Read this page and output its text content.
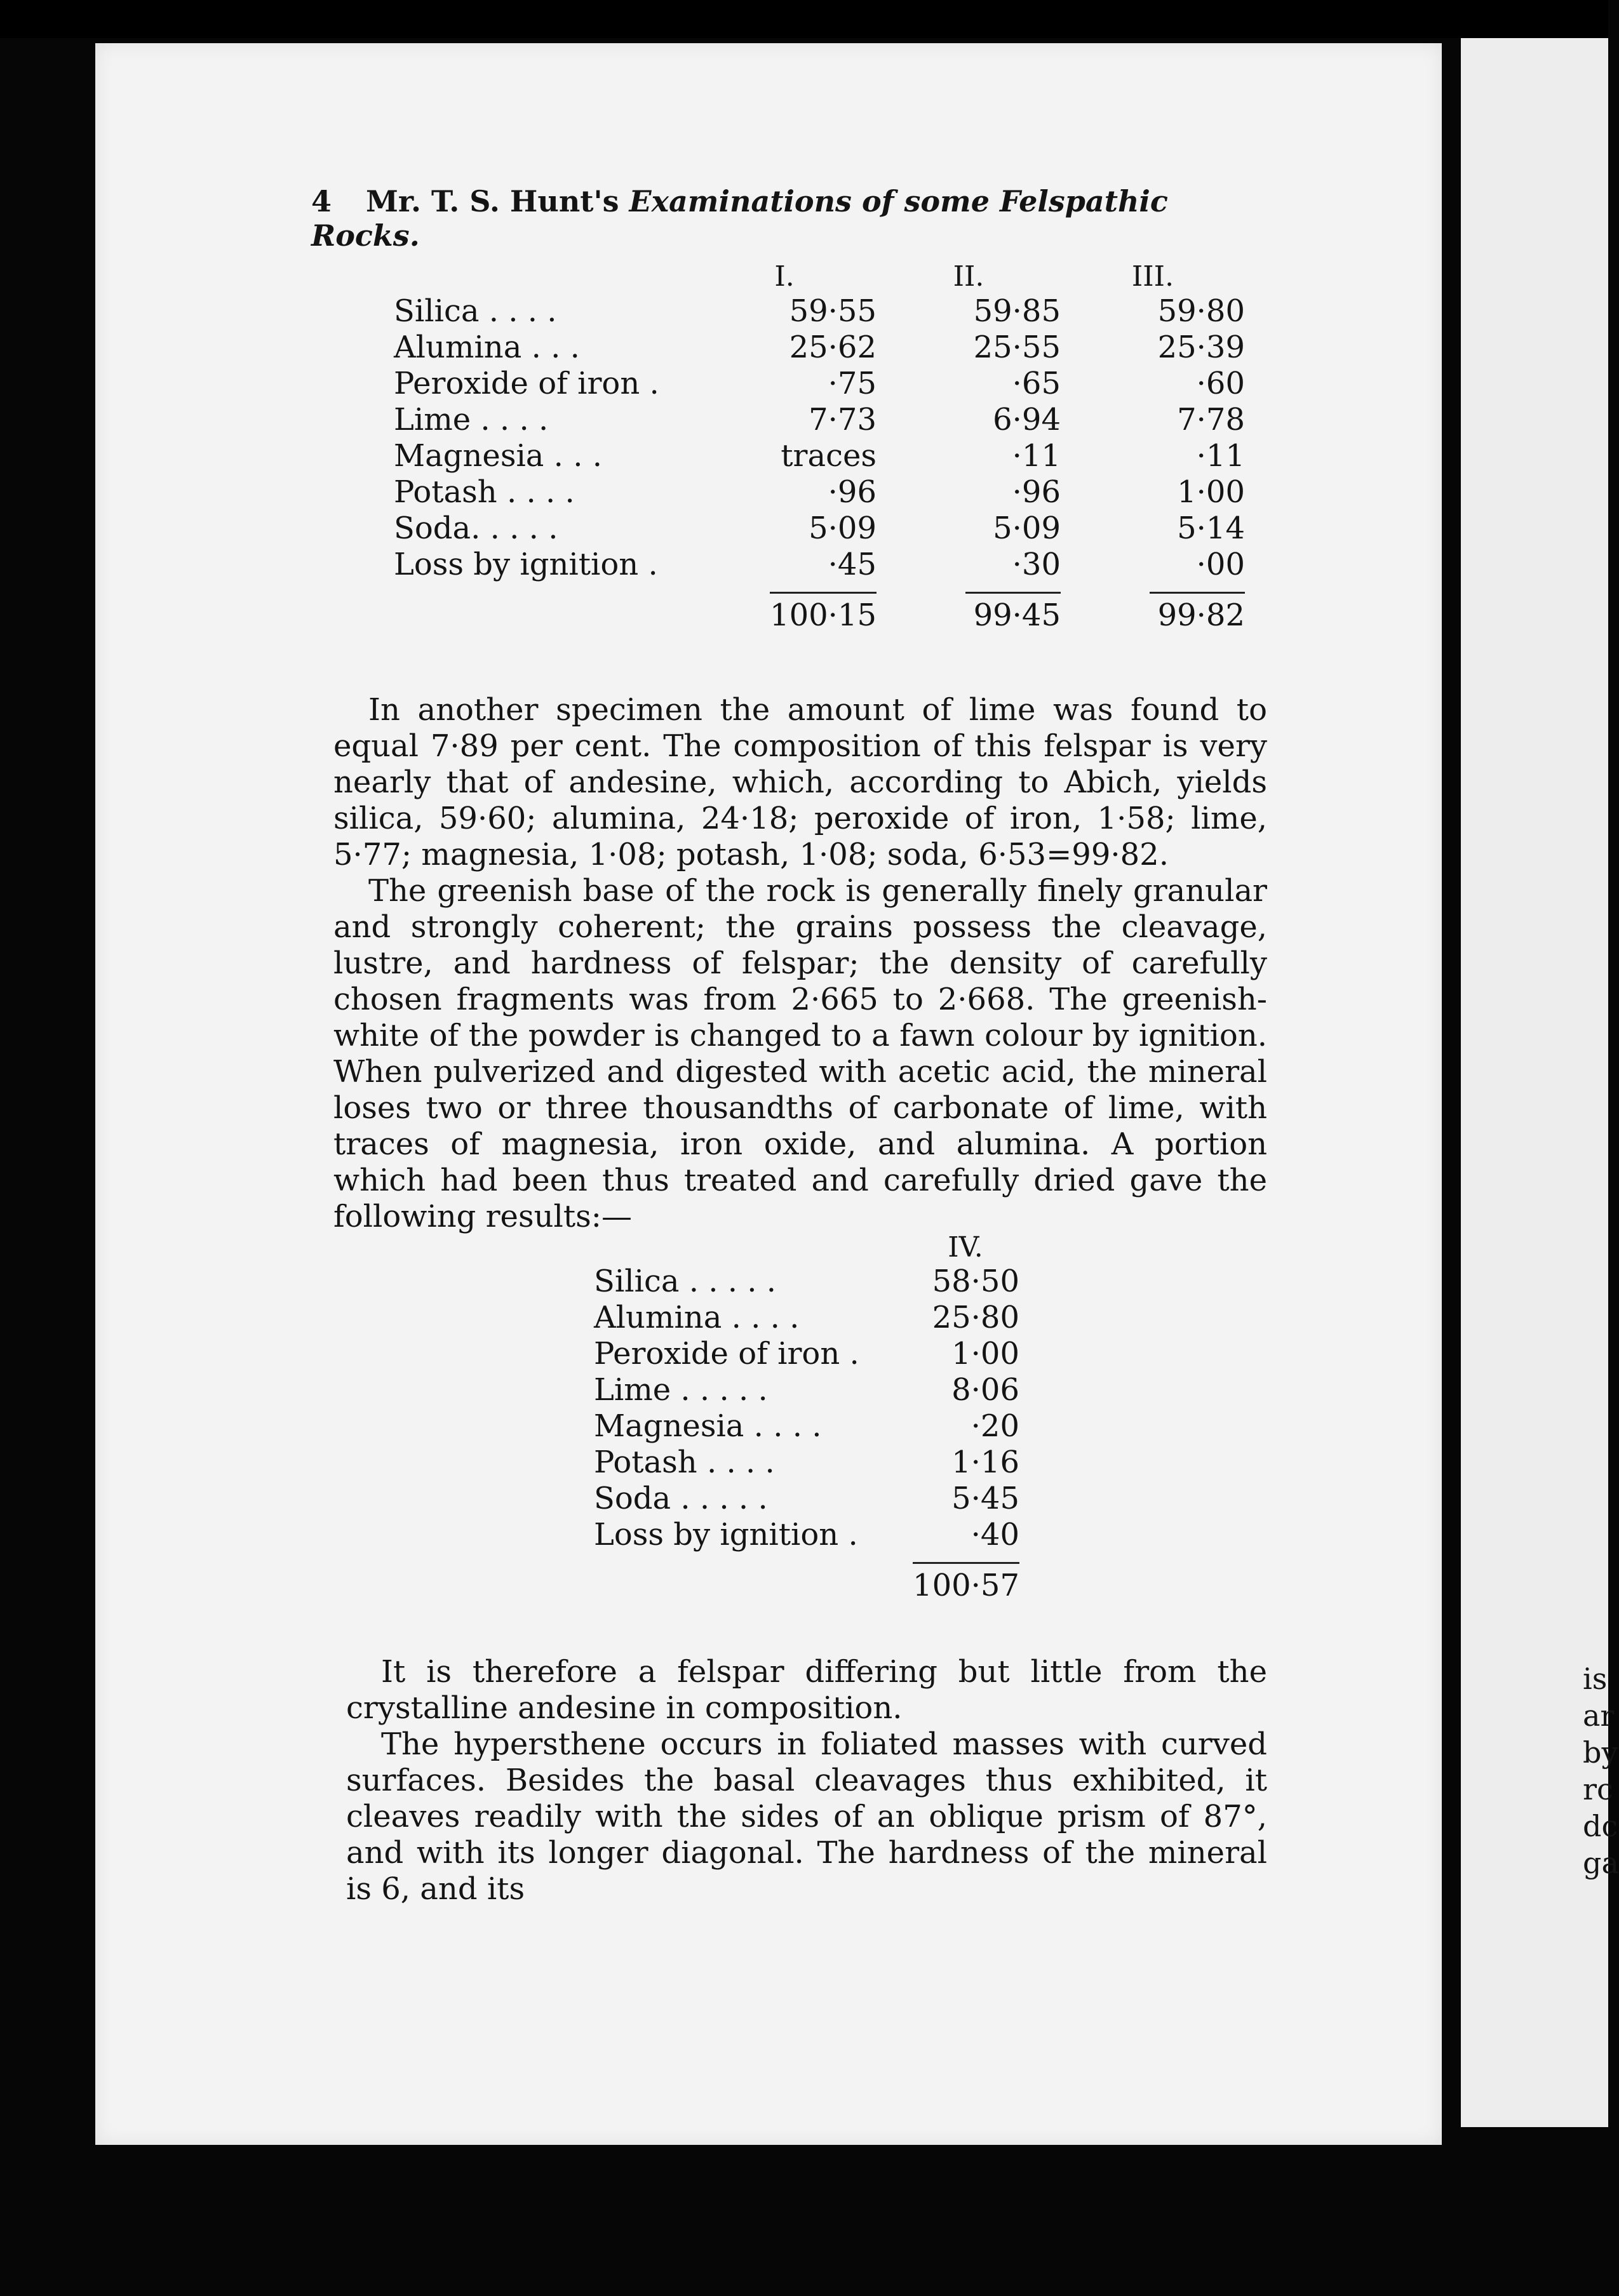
4 Mr. T. S. Hunt's Examinations of some Felspathic Rocks.
	I.	II.	III.
Silica . . . .	59·55	59·85	59·80
Alumina . . .	25·62	25·55	25·39
Peroxide of iron .	·75	·65	·60
Lime . . . .	7·73	6·94	7·78
Magnesia . . .	traces	·11	·11
Potash . . . .	·96	·96	1·00
Soda. . . . .	5·09	5·09	5·14
Loss by ignition .	·45	·30	·00
	100·15	99·45	99·82

In another specimen the amount of lime was found to equal 7·89 per cent. The composition of this felspar is very nearly that of andesine, which, according to Abich, yields silica, 59·60; alumina, 24·18; peroxide of iron, 1·58; lime, 5·77; magnesia, 1·08; potash, 1·08; soda, 6·53=99·82.

The greenish base of the rock is generally finely granular and strongly coherent; the grains possess the cleavage, lustre, and hardness of felspar; the density of carefully chosen fragments was from 2·665 to 2·668. The greenish-white of the powder is changed to a fawn colour by ignition. When pulverized and digested with acetic acid, the mineral loses two or three thousandths of carbonate of lime, with traces of magnesia, iron oxide, and alumina. A portion which had been thus treated and carefully dried gave the following results:—

	IV.
Silica . . . . .	58·50
Alumina . . . .	25·80
Peroxide of iron .	1·00
Lime . . . . .	8·06
Magnesia . . . .	·20
Potash . . . .	1·16
Soda . . . . .	5·45
Loss by ignition .	·40
	100·57

It is therefore a felspar differing but little from the crystalline andesine in composition.

The hypersthene occurs in foliated masses with curved surfaces. Besides the basal cleavages thus exhibited, it cleaves readily with the sides of an oblique prism of 87°, and with its longer diagonal. The hardness of the mineral is 6, and its

is
ar
by
rc
dc
ga
